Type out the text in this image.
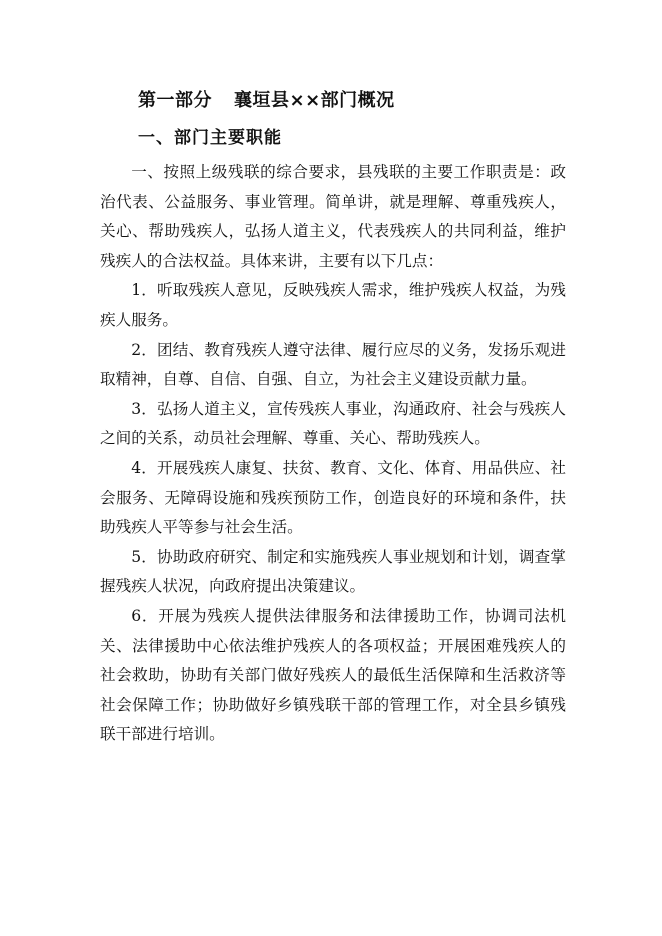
第一部分 襄垣县××部门概况
一、部门主要职能

一、按照上级残联的综合要求，县残联的主要工作职责是：政治代表、公益服务、事业管理。简单讲，就是理解、尊重残疾人，关心、帮助残疾人，弘扬人道主义，代表残疾人的共同利益，维护残疾人的合法权益。具体来讲，主要有以下几点：

1．听取残疾人意见，反映残疾人需求，维护残疾人权益，为残疾人服务。

2．团结、教育残疾人遵守法律、履行应尽的义务，发扬乐观进取精神，自尊、自信、自强、自立，为社会主义建设贡献力量。

3．弘扬人道主义，宣传残疾人事业，沟通政府、社会与残疾人之间的关系，动员社会理解、尊重、关心、帮助残疾人。

4．开展残疾人康复、扶贫、教育、文化、体育、用品供应、社会服务、无障碍设施和残疾预防工作，创造良好的环境和条件，扶助残疾人平等参与社会生活。

5．协助政府研究、制定和实施残疾人事业规划和计划，调查掌握残疾人状况，向政府提出决策建议。

6．开展为残疾人提供法律服务和法律援助工作，协调司法机关、法律援助中心依法维护残疾人的各项权益；开展困难残疾人的社会救助，协助有关部门做好残疾人的最低生活保障和生活救济等社会保障工作；协助做好乡镇残联干部的管理工作，对全县乡镇残联干部进行培训。
